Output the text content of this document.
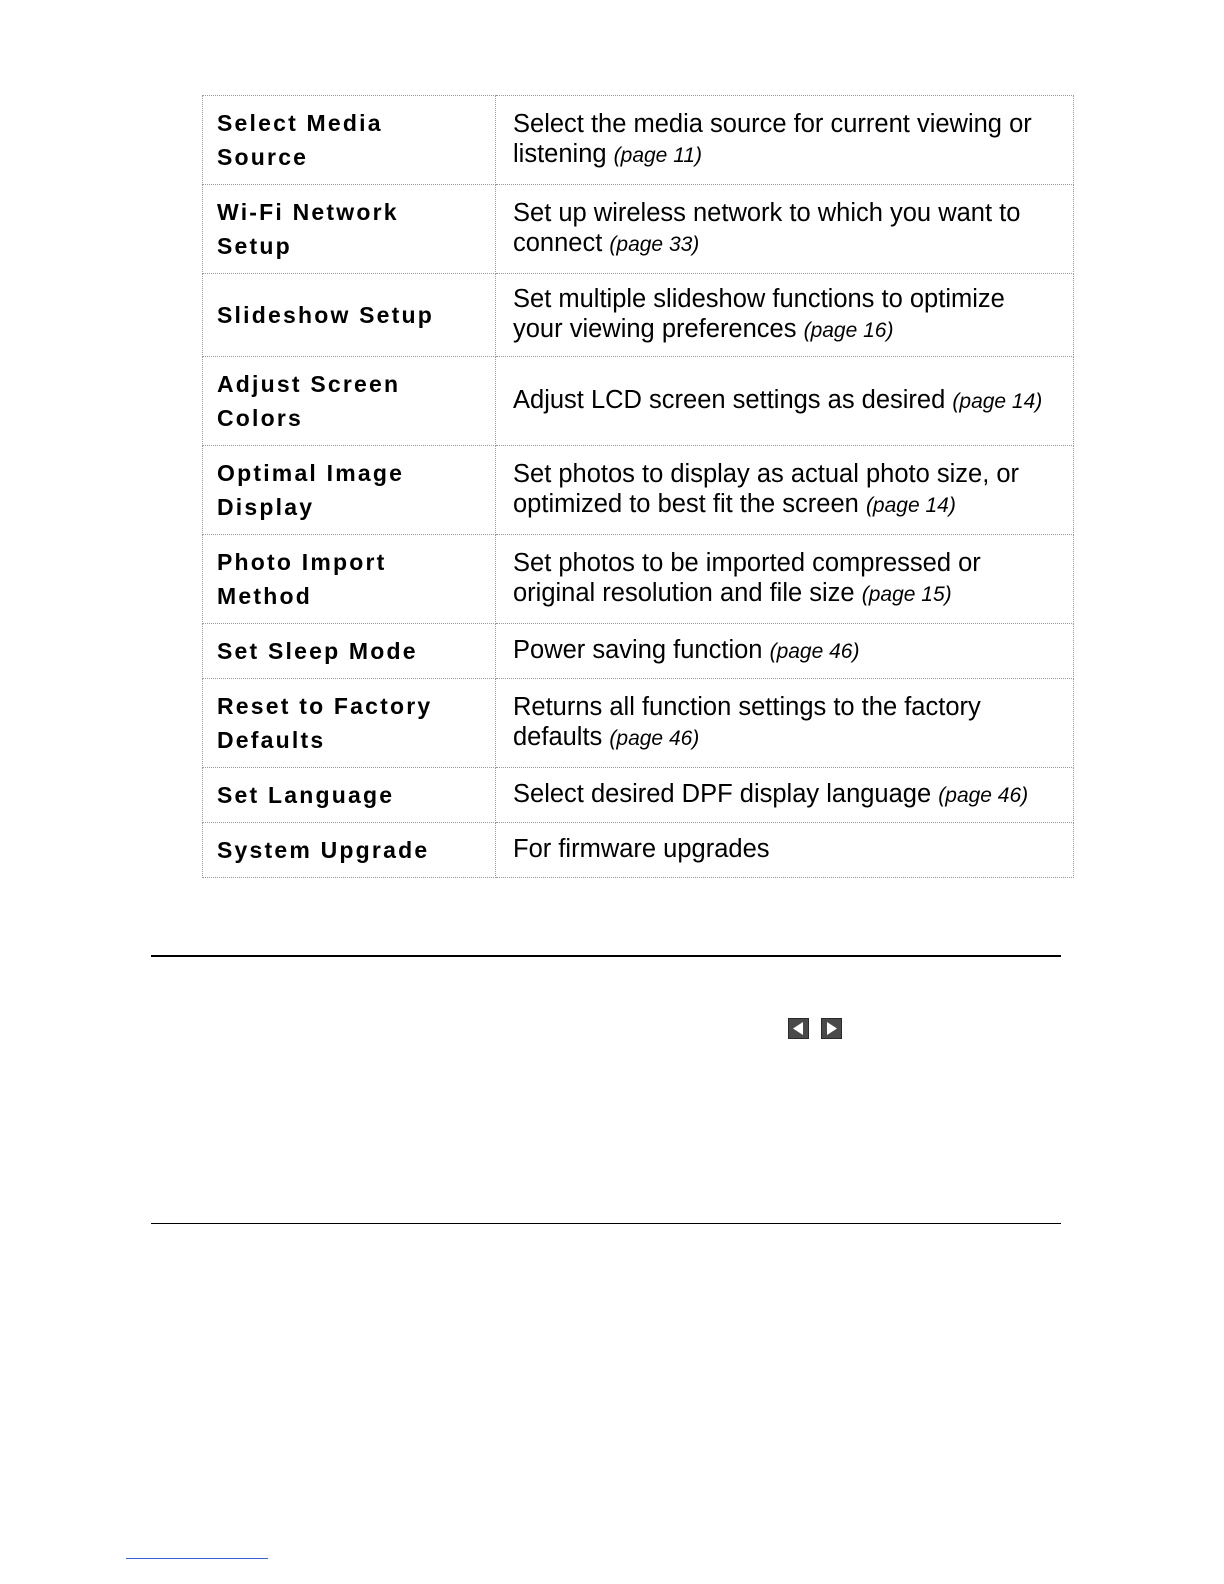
Select Media Source	Select the media source for current viewing or listening (page 11)
Wi-Fi Network Setup	Set up wireless network to which you want to connect (page 33)
Slideshow Setup	Set multiple slideshow functions to optimize your viewing preferences (page 16)
Adjust Screen Colors	Adjust LCD screen settings as desired (page 14)
Optimal Image Display	Set photos to display as actual photo size, or optimized to best fit the screen (page 14)
Photo Import Method	Set photos to be imported compressed or original resolution and file size (page 15)
Set Sleep Mode	Power saving function (page 46)
Reset to Factory Defaults	Returns all function settings to the factory defaults (page 46)
Set Language	Select desired DPF display language (page 46)
System Upgrade	For firmware upgrades
